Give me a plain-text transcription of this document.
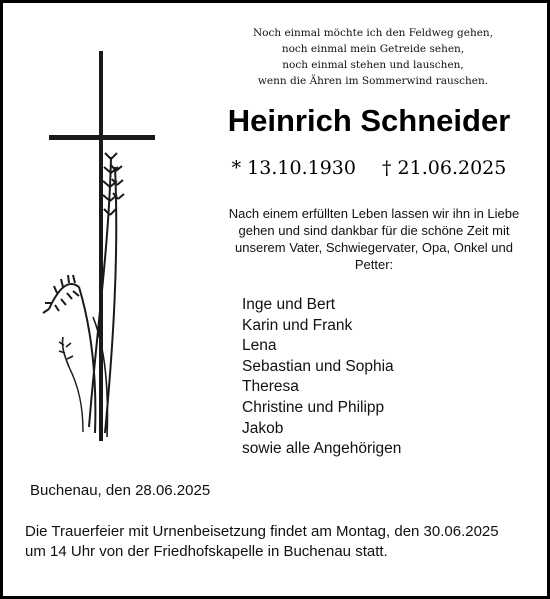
Noch einmal möchte ich den Feldweg gehen,
noch einmal mein Getreide sehen,
noch einmal stehen und lauschen,
wenn die Ähren im Sommerwind rauschen.
Heinrich Schneider
* 13.10.1930 † 21.06.2025
Nach einem erfüllten Leben lassen wir ihn in Liebe gehen und sind dankbar für die schöne Zeit mit unserem Vater, Schwiegervater, Opa, Onkel und Petter:
Inge und Bert
Karin und Frank
Lena
Sebastian und Sophia
Theresa
Christine und Philipp
Jakob
sowie alle Angehörigen
Buchenau, den 28.06.2025
Die Trauerfeier mit Urnenbeisetzung findet am Montag, den 30.06.2025
um 14 Uhr von der Friedhofskapelle in Buchenau statt.
